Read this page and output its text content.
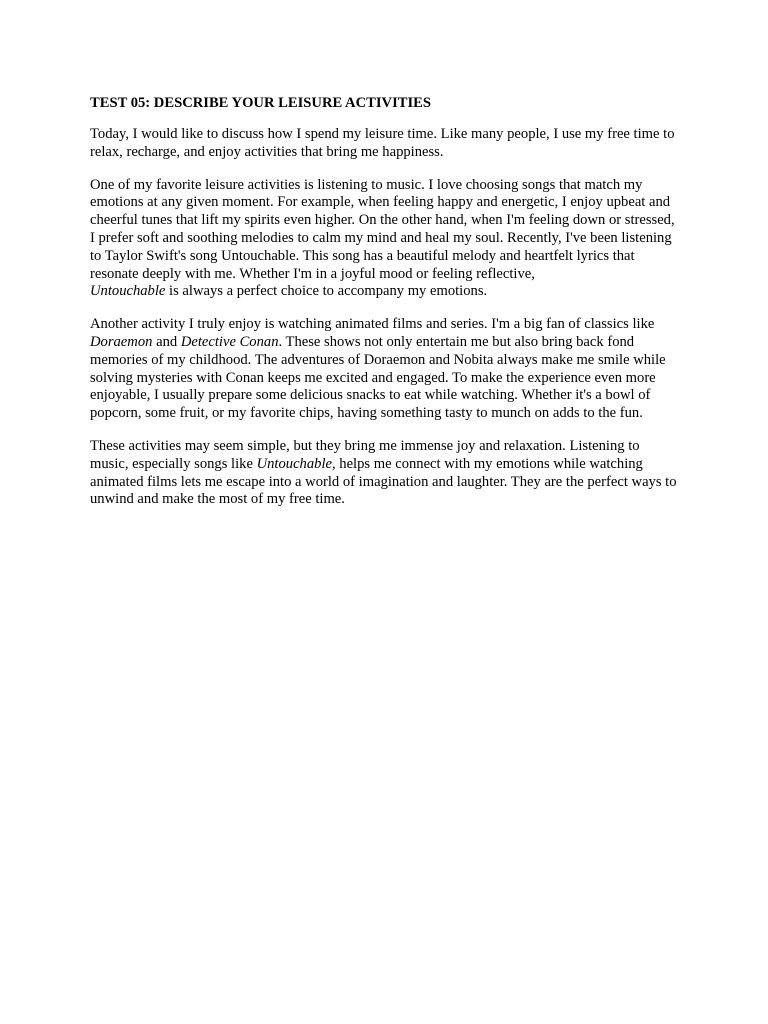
TEST 05: DESCRIBE YOUR LEISURE ACTIVITIES

Today, I would like to discuss how I spend my leisure time. Like many people, I use my free time to relax, recharge, and enjoy activities that bring me happiness.

One of my favorite leisure activities is listening to music. I love choosing songs that match my emotions at any given moment. For example, when feeling happy and energetic, I enjoy upbeat and cheerful tunes that lift my spirits even higher. On the other hand, when I'm feeling down or stressed, I prefer soft and soothing melodies to calm my mind and heal my soul. Recently, I've been listening to Taylor Swift's song Untouchable. This song has a beautiful melody and heartfelt lyrics that resonate deeply with me. Whether I'm in a joyful mood or feeling reflective,
Untouchable is always a perfect choice to accompany my emotions.

Another activity I truly enjoy is watching animated films and series. I'm a big fan of classics like
Doraemon and Detective Conan. These shows not only entertain me but also bring back fond memories of my childhood. The adventures of Doraemon and Nobita always make me smile while solving mysteries with Conan keeps me excited and engaged. To make the experience even more enjoyable, I usually prepare some delicious snacks to eat while watching. Whether it's a bowl of popcorn, some fruit, or my favorite chips, having something tasty to munch on adds to the fun.

These activities may seem simple, but they bring me immense joy and relaxation. Listening to music, especially songs like Untouchable, helps me connect with my emotions while watching animated films lets me escape into a world of imagination and laughter. They are the perfect ways to unwind and make the most of my free time.
